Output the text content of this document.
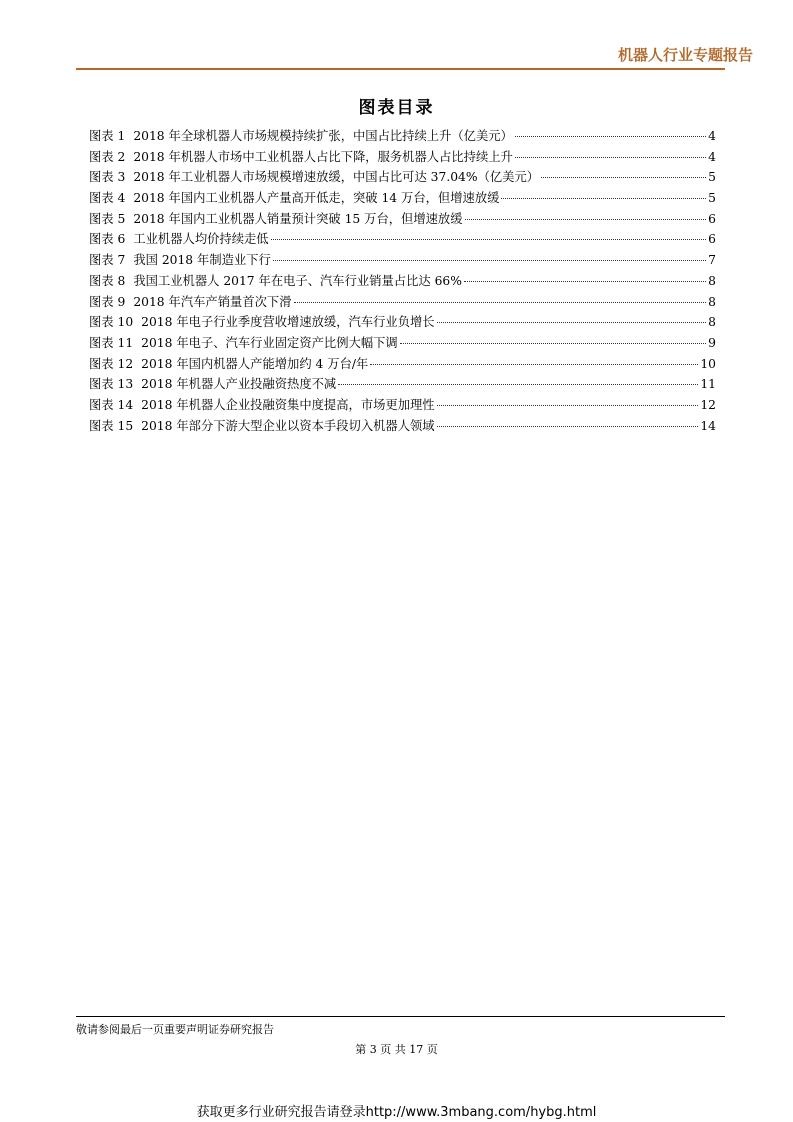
机器人行业专题报告
图表目录
图表 1 2018 年全球机器人市场规模持续扩张，中国占比持续上升（亿美元）	4
图表 2 2018 年机器人市场中工业机器人占比下降，服务机器人占比持续上升	4
图表 3 2018 年工业机器人市场规模增速放缓，中国占比可达 37.04%（亿美元）	5
图表 4 2018 年国内工业机器人产量高开低走，突破 14 万台，但增速放缓	5
图表 5 2018 年国内工业机器人销量预计突破 15 万台，但增速放缓	6
图表 6 工业机器人均价持续走低	6
图表 7 我国 2018 年制造业下行	7
图表 8 我国工业机器人 2017 年在电子、汽车行业销量占比达 66%	8
图表 9 2018 年汽车产销量首次下滑	8
图表 10 2018 年电子行业季度营收增速放缓，汽车行业负增长	8
图表 11 2018 年电子、汽车行业固定资产比例大幅下调	9
图表 12 2018 年国内机器人产能增加约 4 万台/年	10
图表 13 2018 年机器人产业投融资热度不减	11
图表 14 2018 年机器人企业投融资集中度提高，市场更加理性	12
图表 15 2018 年部分下游大型企业以资本手段切入机器人领域	14
敬请参阅最后一页重要声明证券研究报告
第 3 页 共 17 页
获取更多行业研究报告请登录http://www.3mbang.com/hybg.html
